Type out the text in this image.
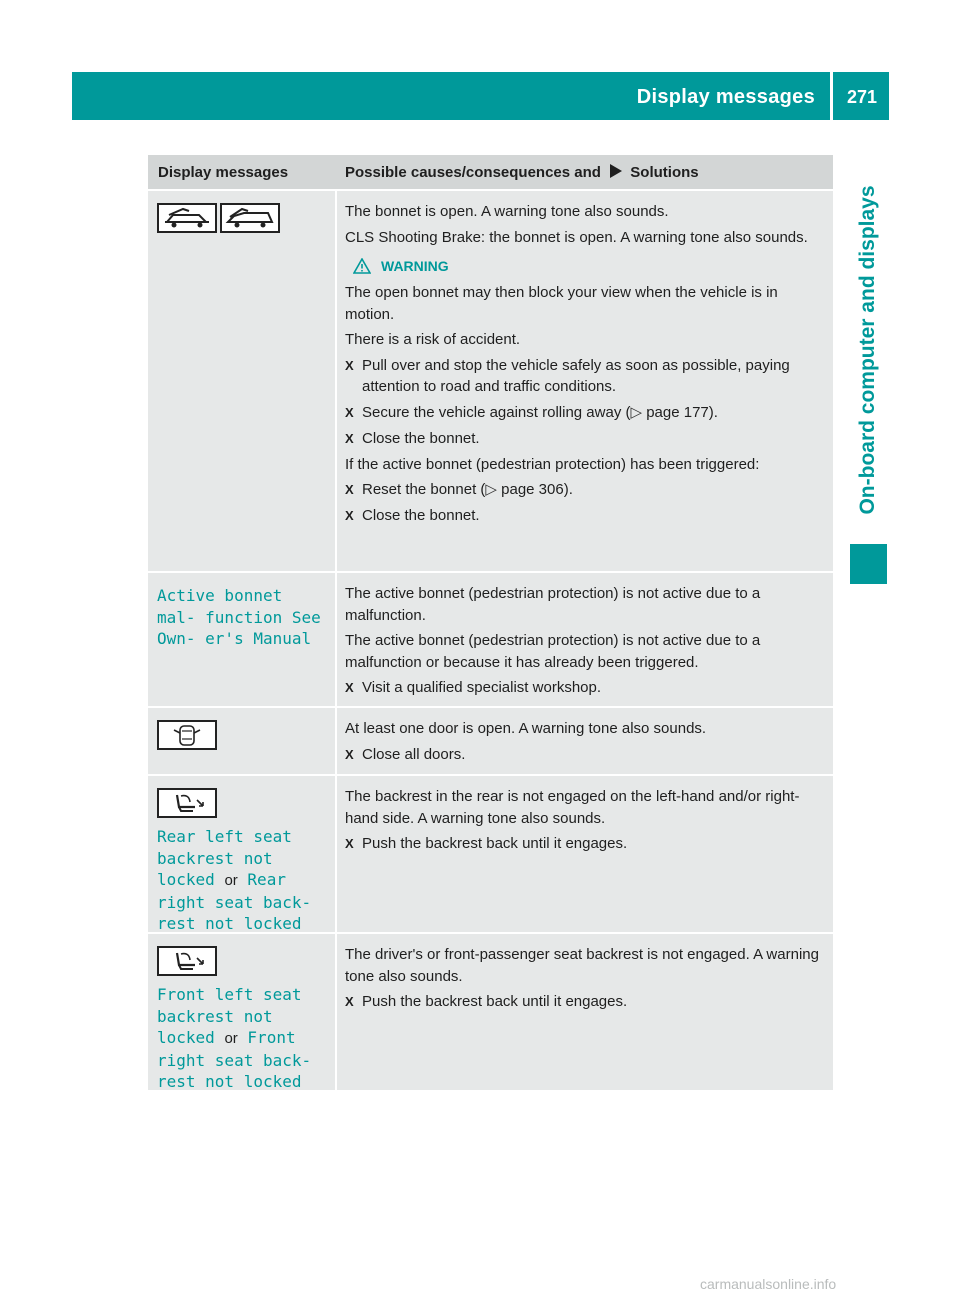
Display messages	271
On-board computer and displays
Display messages	Possible causes/consequences and Solutions

The bonnet is open. A warning tone also sounds.

CLS Shooting Brake: the bonnet is open. A warning tone also sounds.

WARNING

The open bonnet may then block your view when the vehicle is in motion.

There is a risk of accident.

X Pull over and stop the vehicle safely as soon as possible, paying attention to road and traffic conditions.
X Secure the vehicle against rolling away (▷ page 177).
X Close the bonnet.

If the active bonnet (pedestrian protection) has been triggered:

X Reset the bonnet (▷ page 306).
X Close the bonnet.
Active bonnet mal‐ function See Own‐ er's Manual

The active bonnet (pedestrian protection) is not active due to a malfunction.

The active bonnet (pedestrian protection) is not active due to a malfunction or because it has already been triggered.

X Visit a qualified specialist workshop.

At least one door is open. A warning tone also sounds.

X Close all doors.
Rear left seat backrest not locked or Rear right seat back‐ rest not locked

The backrest in the rear is not engaged on the left-hand and/or right-hand side. A warning tone also sounds.

X Push the backrest back until it engages.
Front left seat backrest not locked or Front right seat back‐ rest not locked

The driver's or front-passenger seat backrest is not engaged. A warning tone also sounds.

X Push the backrest back until it engages.
carmanualsonline.info
